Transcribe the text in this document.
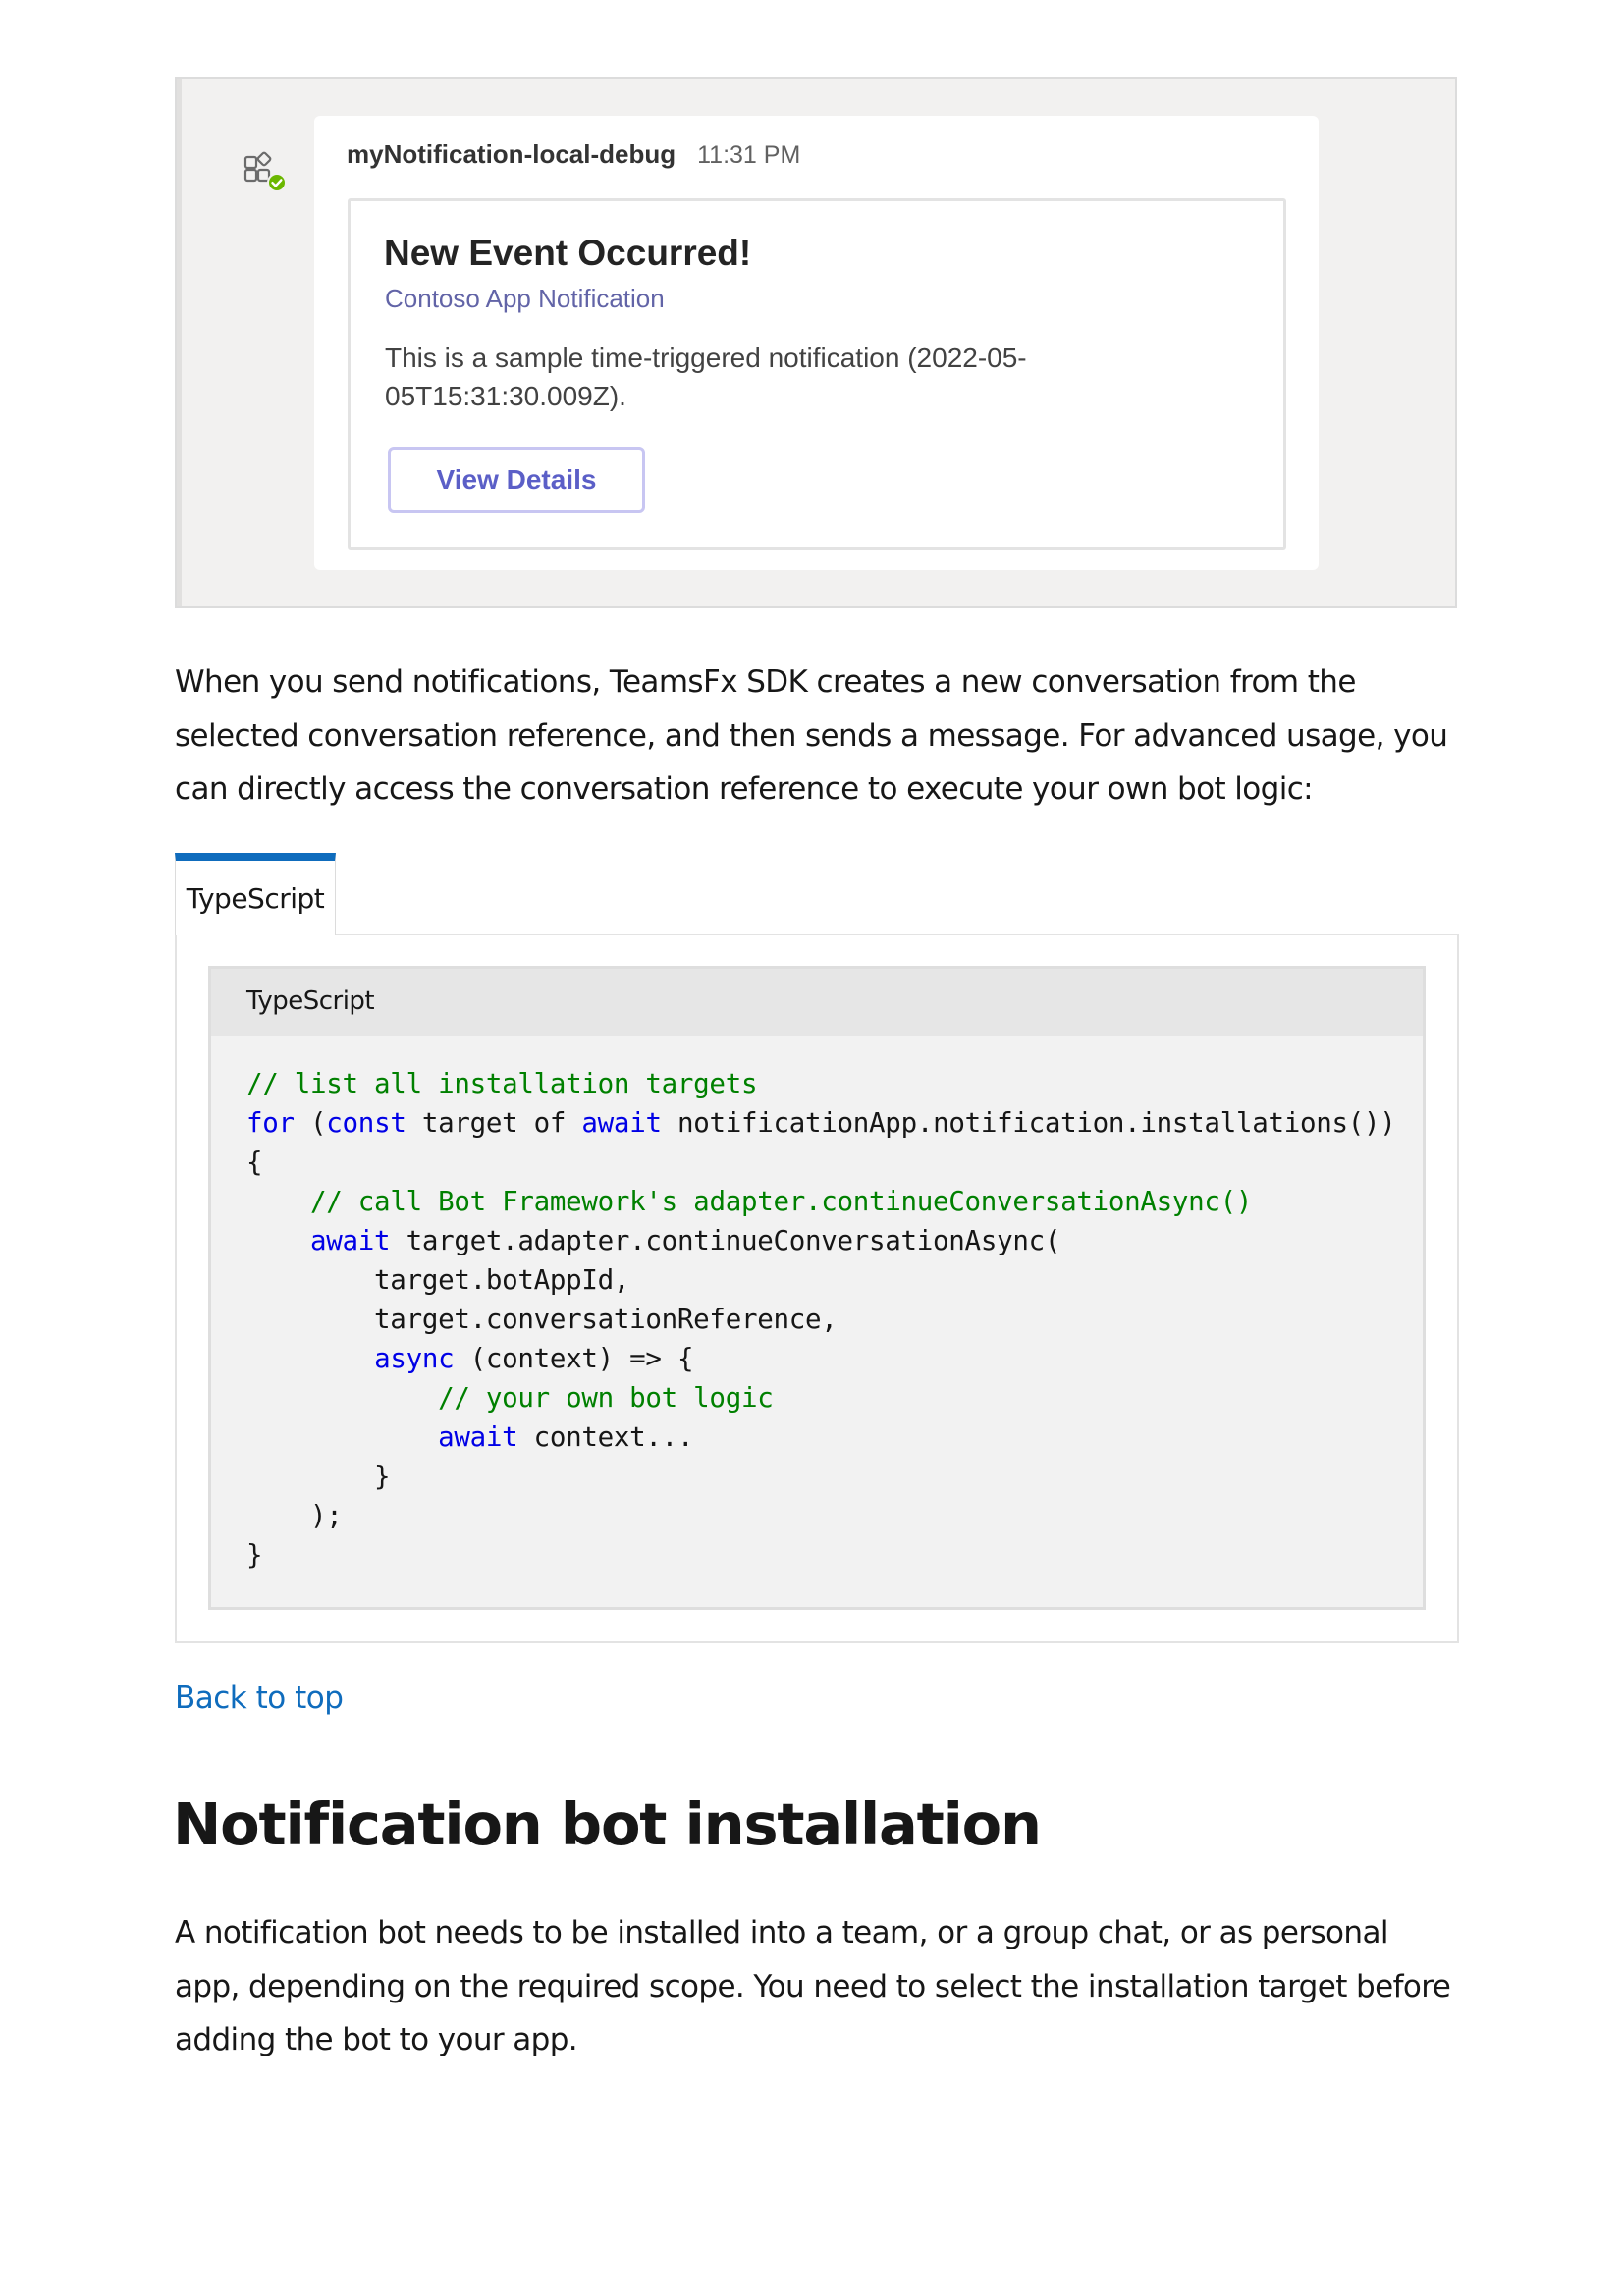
myNotification-local-debug 11:31 PM
New Event Occurred!
Contoso App Notification
This is a sample time-triggered notification (2022-05-05T15:31:30.009Z).
View Details

When you send notifications, TeamsFx SDK creates a new conversation from the selected conversation reference, and then sends a message. For advanced usage, you can directly access the conversation reference to execute your own bot logic:

TypeScript
TypeScript
// list all installation targets
for (const target of await notificationApp.notification.installations())
{
// call Bot Framework's adapter.continueConversationAsync()
await target.adapter.continueConversationAsync(
target.botAppId,
target.conversationReference,
async (context) => {
// your own bot logic
await context...
}
);
}
Back to top
Notification bot installation

A notification bot needs to be installed into a team, or a group chat, or as personal app, depending on the required scope. You need to select the installation target before adding the bot to your app.
